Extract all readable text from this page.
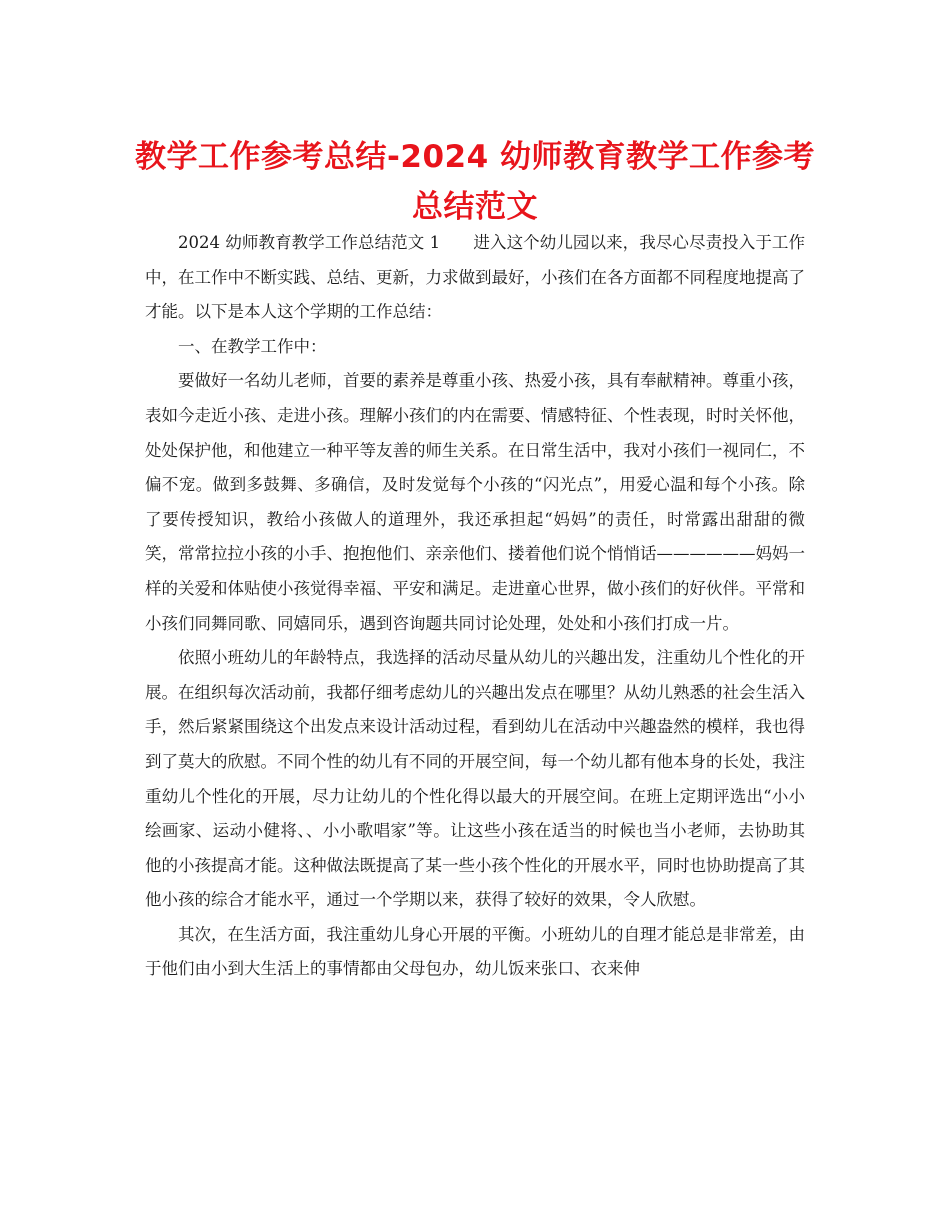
教学工作参考总结-2024 幼师教育教学工作参考
总结范文

2024 幼师教育教学工作总结范文 1　　进入这个幼儿园以来，我尽心尽责投入于工作中，在工作中不断实践、总结、更新，力求做到最好，小孩们在各方面都不同程度地提高了才能。以下是本人这个学期的工作总结：

一、在教学工作中：

要做好一名幼儿老师，首要的素养是尊重小孩、热爱小孩，具有奉献精神。尊重小孩，表如今走近小孩、走进小孩。理解小孩们的内在需要、情感特征、个性表现，时时关怀他，处处保护他，和他建立一种平等友善的师生关系。在日常生活中，我对小孩们一视同仁，不偏不宠。做到多鼓舞、多确信，及时发觉每个小孩的“闪光点”，用爱心温和每个小孩。除了要传授知识，教给小孩做人的道理外，我还承担起“妈妈”的责任，时常露出甜甜的微笑，常常拉拉小孩的小手、抱抱他们、亲亲他们、搂着他们说个悄悄话——————妈妈一样的关爱和体贴使小孩觉得幸福、平安和满足。走进童心世界，做小孩们的好伙伴。平常和小孩们同舞同歌、同嬉同乐，遇到咨询题共同讨论处理，处处和小孩们打成一片。

依照小班幼儿的年龄特点，我选择的活动尽量从幼儿的兴趣出发，注重幼儿个性化的开展。在组织每次活动前，我都仔细考虑幼儿的兴趣出发点在哪里？从幼儿熟悉的社会生活入手，然后紧紧围绕这个出发点来设计活动过程，看到幼儿在活动中兴趣盎然的模样，我也得到了莫大的欣慰。不同个性的幼儿有不同的开展空间，每一个幼儿都有他本身的长处，我注重幼儿个性化的开展，尽力让幼儿的个性化得以最大的开展空间。在班上定期评选出“小小绘画家、运动小健将、、小小歌唱家”等。让这些小孩在适当的时候也当小老师，去协助其他的小孩提高才能。这种做法既提高了某一些小孩个性化的开展水平，同时也协助提高了其他小孩的综合才能水平，通过一个学期以来，获得了较好的效果，令人欣慰。

其次，在生活方面，我注重幼儿身心开展的平衡。小班幼儿的自理才能总是非常差，由于他们由小到大生活上的事情都由父母包办，幼儿饭来张口、衣来伸
